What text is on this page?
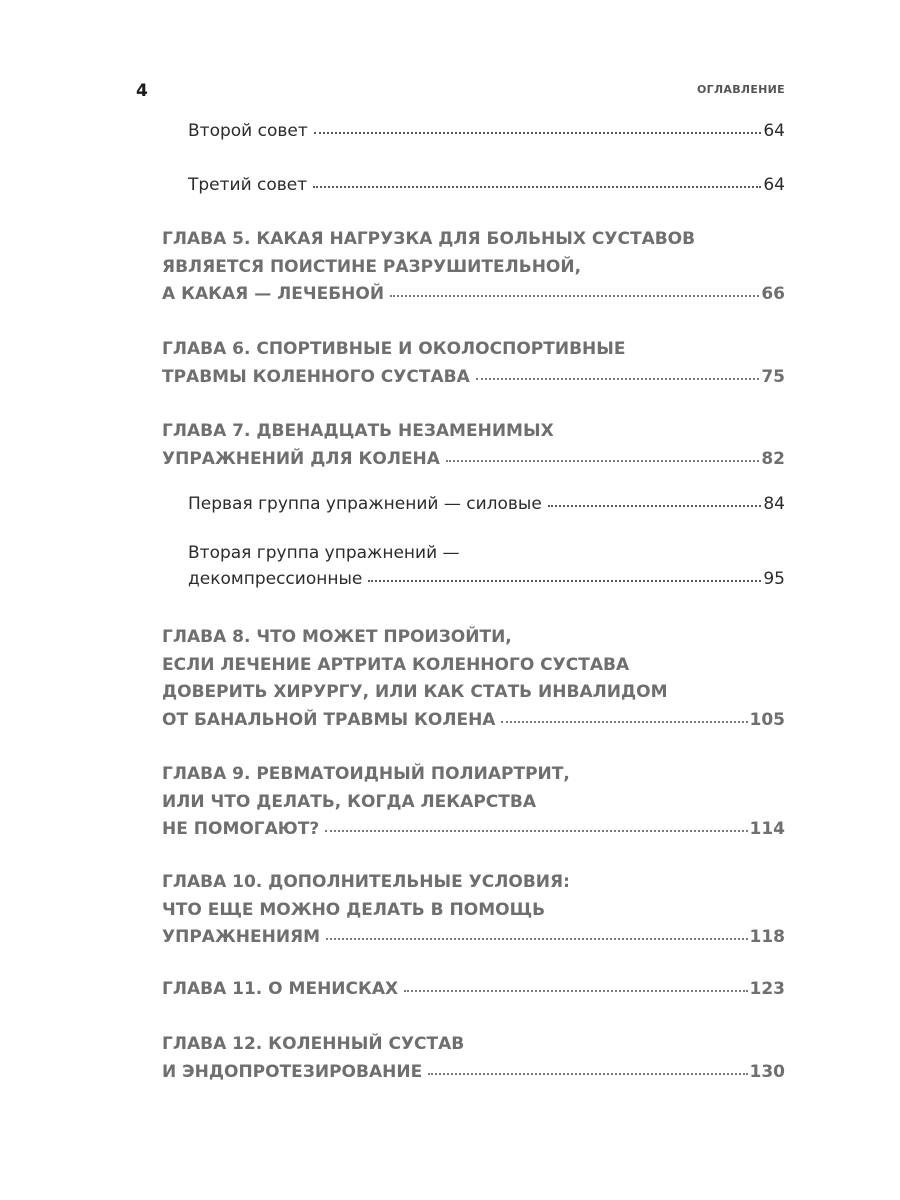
4	ОГЛАВЛЕНИЕ
Второй совет	64
Третий совет	64
ГЛАВА 5. КАКАЯ НАГРУЗКА ДЛЯ БОЛЬНЫХ СУСТАВОВ
ЯВЛЯЕТСЯ ПОИСТИНЕ РАЗРУШИТЕЛЬНОЙ,
А КАКАЯ — ЛЕЧЕБНОЙ	66
ГЛАВА 6. СПОРТИВНЫЕ И ОКОЛОСПОРТИВНЫЕ
ТРАВМЫ КОЛЕННОГО СУСТАВА	75
ГЛАВА 7. ДВЕНАДЦАТЬ НЕЗАМЕНИМЫХ
УПРАЖНЕНИЙ ДЛЯ КОЛЕНА	82
Первая группа упражнений — силовые	84
Вторая группа упражнений —
декомпрессионные	95
ГЛАВА 8. ЧТО МОЖЕТ ПРОИЗОЙТИ,
ЕСЛИ ЛЕЧЕНИЕ АРТРИТА КОЛЕННОГО СУСТАВА
ДОВЕРИТЬ ХИРУРГУ, ИЛИ КАК СТАТЬ ИНВАЛИДОМ
ОТ БАНАЛЬНОЙ ТРАВМЫ КОЛЕНА	105
ГЛАВА 9. РЕВМАТОИДНЫЙ ПОЛИАРТРИТ,
ИЛИ ЧТО ДЕЛАТЬ, КОГДА ЛЕКАРСТВА
НЕ ПОМОГАЮТ?	114
ГЛАВА 10. ДОПОЛНИТЕЛЬНЫЕ УСЛОВИЯ:
ЧТО ЕЩЕ МОЖНО ДЕЛАТЬ В ПОМОЩЬ
УПРАЖНЕНИЯМ	118
ГЛАВА 11. О МЕНИСКАХ	123
ГЛАВА 12. КОЛЕННЫЙ СУСТАВ
И ЭНДОПРОТЕЗИРОВАНИЕ	130
